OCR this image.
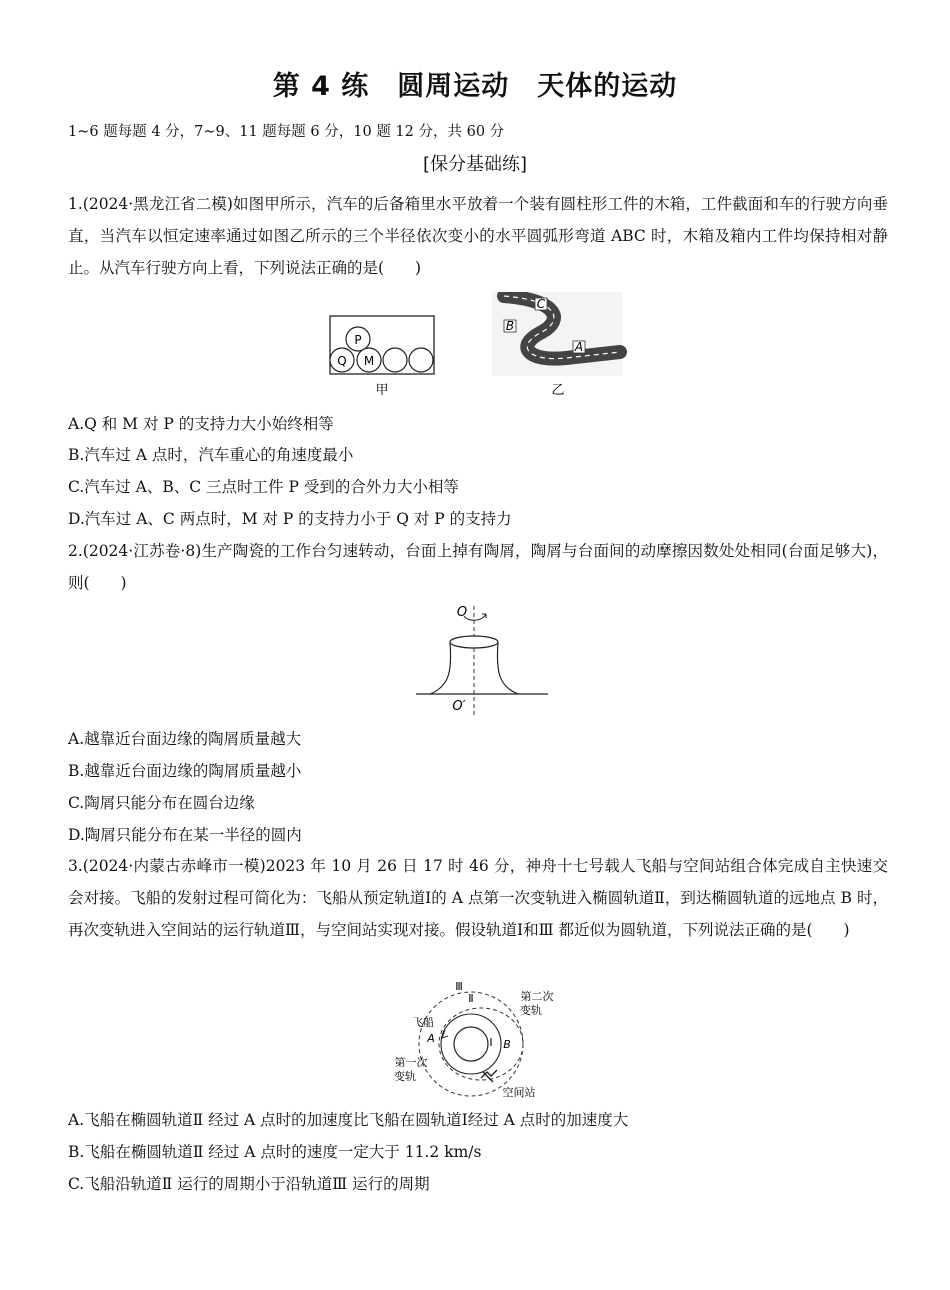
第 4 练　圆周运动　天体的运动
1~6 题每题 4 分，7~9、11 题每题 6 分，10 题 12 分，共 60 分
[保分基础练]
1.(2024·黑龙江省二模)如图甲所示，汽车的后备箱里水平放着一个装有圆柱形工件的木箱，工件截面和车的行驶方向垂直，当汽车以恒定速率通过如图乙所示的三个半径依次变小的水平圆弧形弯道 ABC 时，木箱及箱内工件均保持相对静止。从汽车行驶方向上看，下列说法正确的是(　　)
P
Q M
甲
C
B
A
乙
A.Q 和 M 对 P 的支持力大小始终相等
B.汽车过 A 点时，汽车重心的角速度最小
C.汽车过 A、B、C 三点时工件 P 受到的合外力大小相等
D.汽车过 A、C 两点时，M 对 P 的支持力小于 Q 对 P 的支持力
2.(2024·江苏卷·8)生产陶瓷的工作台匀速转动，台面上掉有陶屑，陶屑与台面间的动摩擦因数处处相同(台面足够大)，则(　　)
O
O′
A.越靠近台面边缘的陶屑质量越大
B.越靠近台面边缘的陶屑质量越小
C.陶屑只能分布在圆台边缘
D.陶屑只能分布在某一半径的圆内
3.(2024·内蒙古赤峰市一模)2023 年 10 月 26 日 17 时 46 分，神舟十七号载人飞船与空间站组合体完成自主快速交会对接。飞船的发射过程可简化为：飞船从预定轨道Ⅰ的 A 点第一次变轨进入椭圆轨道Ⅱ，到达椭圆轨道的远地点 B 时，再次变轨进入空间站的运行轨道Ⅲ，与空间站实现对接。假设轨道Ⅰ和Ⅲ 都近似为圆轨道，下列说法正确的是(　　)
Ⅲ
Ⅱ
Ⅰ
第二次
变轨
飞船
A	B
第一次
变轨
空间站
A.飞船在椭圆轨道Ⅱ 经过 A 点时的加速度比飞船在圆轨道Ⅰ经过 A 点时的加速度大
B.飞船在椭圆轨道Ⅱ 经过 A 点时的速度一定大于 11.2 km/s
C.飞船沿轨道Ⅱ 运行的周期小于沿轨道Ⅲ 运行的周期
